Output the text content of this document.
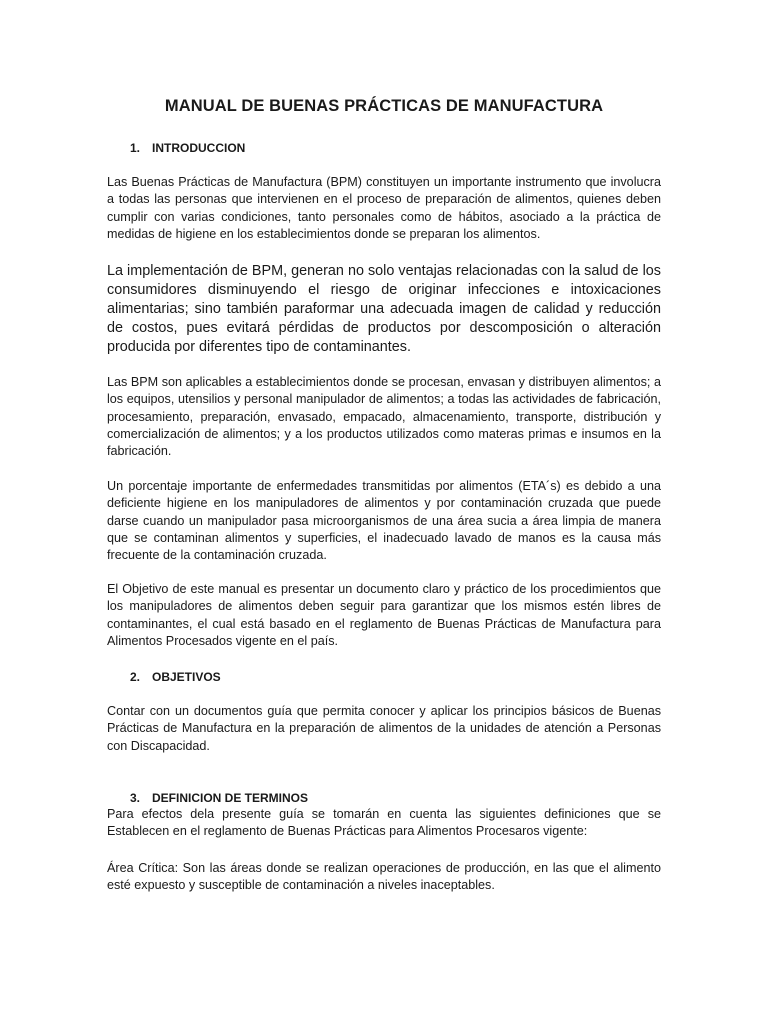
MANUAL DE BUENAS PRÁCTICAS DE MANUFACTURA
1. INTRODUCCION

Las Buenas Prácticas de Manufactura (BPM) constituyen un importante instrumento que involucra a todas las personas que intervienen en el proceso de preparación de alimentos, quienes deben cumplir con varias condiciones, tanto personales como de hábitos, asociado a la práctica de medidas de higiene en los establecimientos donde se preparan los alimentos.

La implementación de BPM, generan no solo ventajas relacionadas con la salud de los consumidores disminuyendo el riesgo de originar infecciones e intoxicaciones alimentarias; sino también paraformar una adecuada imagen de calidad y reducción de costos, pues evitará pérdidas de productos por descomposición o alteración producida por diferentes tipo de contaminantes.

Las BPM son aplicables a establecimientos donde se procesan, envasan y distribuyen alimentos; a los equipos, utensilios y personal manipulador de alimentos; a todas las actividades de fabricación, procesamiento, preparación, envasado, empacado, almacenamiento, transporte, distribución y comercialización de alimentos; y a los productos utilizados como materas primas e insumos en la fabricación.

Un porcentaje importante de enfermedades transmitidas por alimentos (ETA´s) es debido a una deficiente higiene en los manipuladores de alimentos y por contaminación cruzada que puede darse cuando un manipulador pasa microorganismos de una área sucia a área limpia de manera que se contaminan alimentos y superficies, el inadecuado lavado de manos es la causa más frecuente de la contaminación cruzada.

El Objetivo de este manual es presentar un documento claro y práctico de los procedimientos que los manipuladores de alimentos deben seguir para garantizar que los mismos estén libres de contaminantes, el cual está basado en el reglamento de Buenas Prácticas de Manufactura para Alimentos Procesados vigente en el país.

2. OBJETIVOS

Contar con un documentos guía que permita conocer y aplicar los principios básicos de Buenas Prácticas de Manufactura en la preparación de alimentos de la unidades de atención a Personas con Discapacidad.

3. DEFINICION DE TERMINOS

Para efectos dela presente guía se tomarán en cuenta las siguientes definiciones que se Establecen en el reglamento de Buenas Prácticas para Alimentos Procesaros vigente:

Área Crítica: Son las áreas donde se realizan operaciones de producción, en las que el alimento esté expuesto y susceptible de contaminación a niveles inaceptables.
